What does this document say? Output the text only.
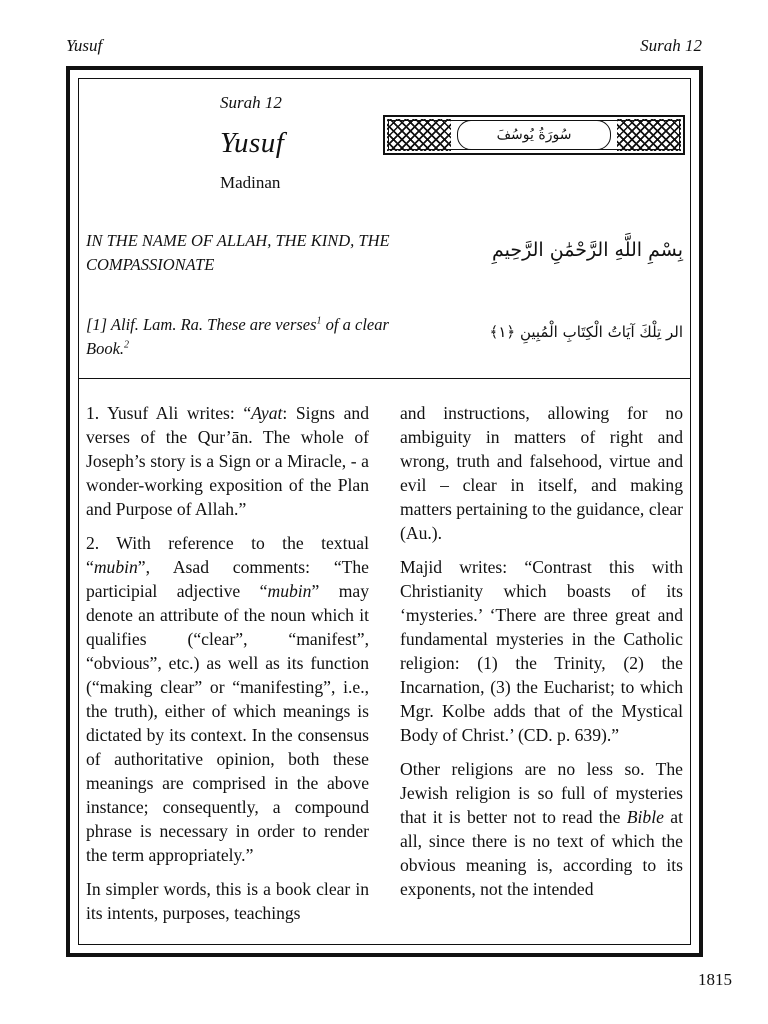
Yusuf	Surah 12
Surah 12
Yusuf
Madinan
سُورَةُ يُوسُفَ
IN THE NAME OF ALLAH, THE KIND, THE COMPASSIONATE
بِسْمِ اللَّهِ الرَّحْمَٰنِ الرَّحِيمِ
[1] Alif. Lam. Ra. These are verses$^1$ of a clear Book.$^2$
الر تِلْكَ آيَاتُ الْكِتَابِ الْمُبِينِ ﴿١﴾

1. Yusuf Ali writes: “Ayat: Signs and verses of the Qur’ān. The whole of Joseph’s story is a Sign or a Miracle, - a wonder-working exposition of the Plan and Purpose of Allah.”

2. With reference to the textual “mubin”, Asad comments: “The participial adjective “mubin” may denote an attribute of the noun which it qualifies (“clear”, “manifest”, “obvious”, etc.) as well as its function (“making clear” or “manifesting”, i.e., the truth), either of which meanings is dictated by its context. In the consensus of authoritative opinion, both these meanings are comprised in the above instance; consequently, a compound phrase is necessary in order to render the term appropriately.”

In simpler words, this is a book clear in its intents, purposes, teachings

and instructions, allowing for no ambiguity in matters of right and wrong, truth and falsehood, virtue and evil – clear in itself, and making matters pertaining to the guidance, clear (Au.).

Majid writes: “Contrast this with Christianity which boasts of its ‘mysteries.’ ‘There are three great and fundamental mysteries in the Catholic religion: (1) the Trinity, (2) the Incarnation, (3) the Eucharist; to which Mgr. Kolbe adds that of the Mystical Body of Christ.’ (CD. p. 639).”

Other religions are no less so. The Jewish religion is so full of mysteries that it is better not to read the Bible at all, since there is no text of which the obvious meaning is, according to its exponents, not the intended

1815
